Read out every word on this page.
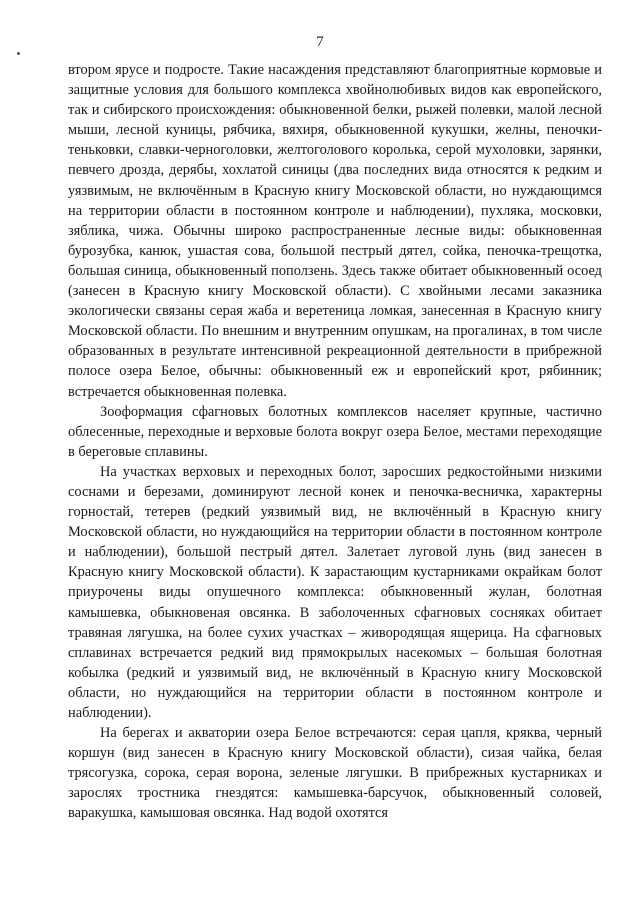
7

втором ярусе и подросте. Такие насаждения представляют благоприятные кормовые и защитные условия для большого комплекса хвойнолюбивых видов как европейского, так и сибирского происхождения: обыкновенной белки, рыжей полевки, малой лесной мыши, лесной куницы, рябчика, вяхиря, обыкновенной кукушки, желны, пеночки-теньковки, славки-черноголовки, желтоголового королька, серой мухоловки, зарянки, певчего дрозда, дерябы, хохлатой синицы (два последних вида относятся к редким и уязвимым, не включённым в Красную книгу Московской области, но нуждающимся на территории области в постоянном контроле и наблюдении), пухляка, московки, зяблика, чижа. Обычны широко распространенные лесные виды: обыкновенная бурозубка, канюк, ушастая сова, большой пестрый дятел, сойка, пеночка-трещотка, большая синица, обыкновенный поползень. Здесь также обитает обыкновенный осоед (занесен в Красную книгу Московской области). С хвойными лесами заказника экологически связаны серая жаба и веретеница ломкая, занесенная в Красную книгу Московской области. По внешним и внутренним опушкам, на прогалинах, в том числе образованных в результате интенсивной рекреационной деятельности в прибрежной полосе озера Белое, обычны: обыкновенный еж и европейский крот, рябинник; встречается обыкновенная полевка.

Зооформация сфагновых болотных комплексов населяет крупные, частично облесенные, переходные и верховые болота вокруг озера Белое, местами переходящие в береговые сплавины.

На участках верховых и переходных болот, заросших редкостойными низкими соснами и березами, доминируют лесной конек и пеночка-весничка, характерны горностай, тетерев (редкий уязвимый вид, не включённый в Красную книгу Московской области, но нуждающийся на территории области в постоянном контроле и наблюдении), большой пестрый дятел. Залетает луговой лунь (вид занесен в Красную книгу Московской области). К зарастающим кустарниками окрайкам болот приурочены виды опушечного комплекса: обыкновенный жулан, болотная камышевка, обыкновеная овсянка. В заболоченных сфагновых сосняках обитает травяная лягушка, на более сухих участках – живородящая ящерица. На сфагновых сплавинах встречается редкий вид прямокрылых насекомых – большая болотная кобылка (редкий и уязвимый вид, не включённый в Красную книгу Московской области, но нуждающийся на территории области в постоянном контроле и наблюдении).

На берегах и акватории озера Белое встречаются: серая цапля, кряква, черный коршун (вид занесен в Красную книгу Московской области), сизая чайка, белая трясогузка, сорока, серая ворона, зеленые лягушки. В прибрежных кустарниках и зарослях тростника гнездятся: камышевка-барсучок, обыкновенный соловей, варакушка, камышовая овсянка. Над водой охотятся
